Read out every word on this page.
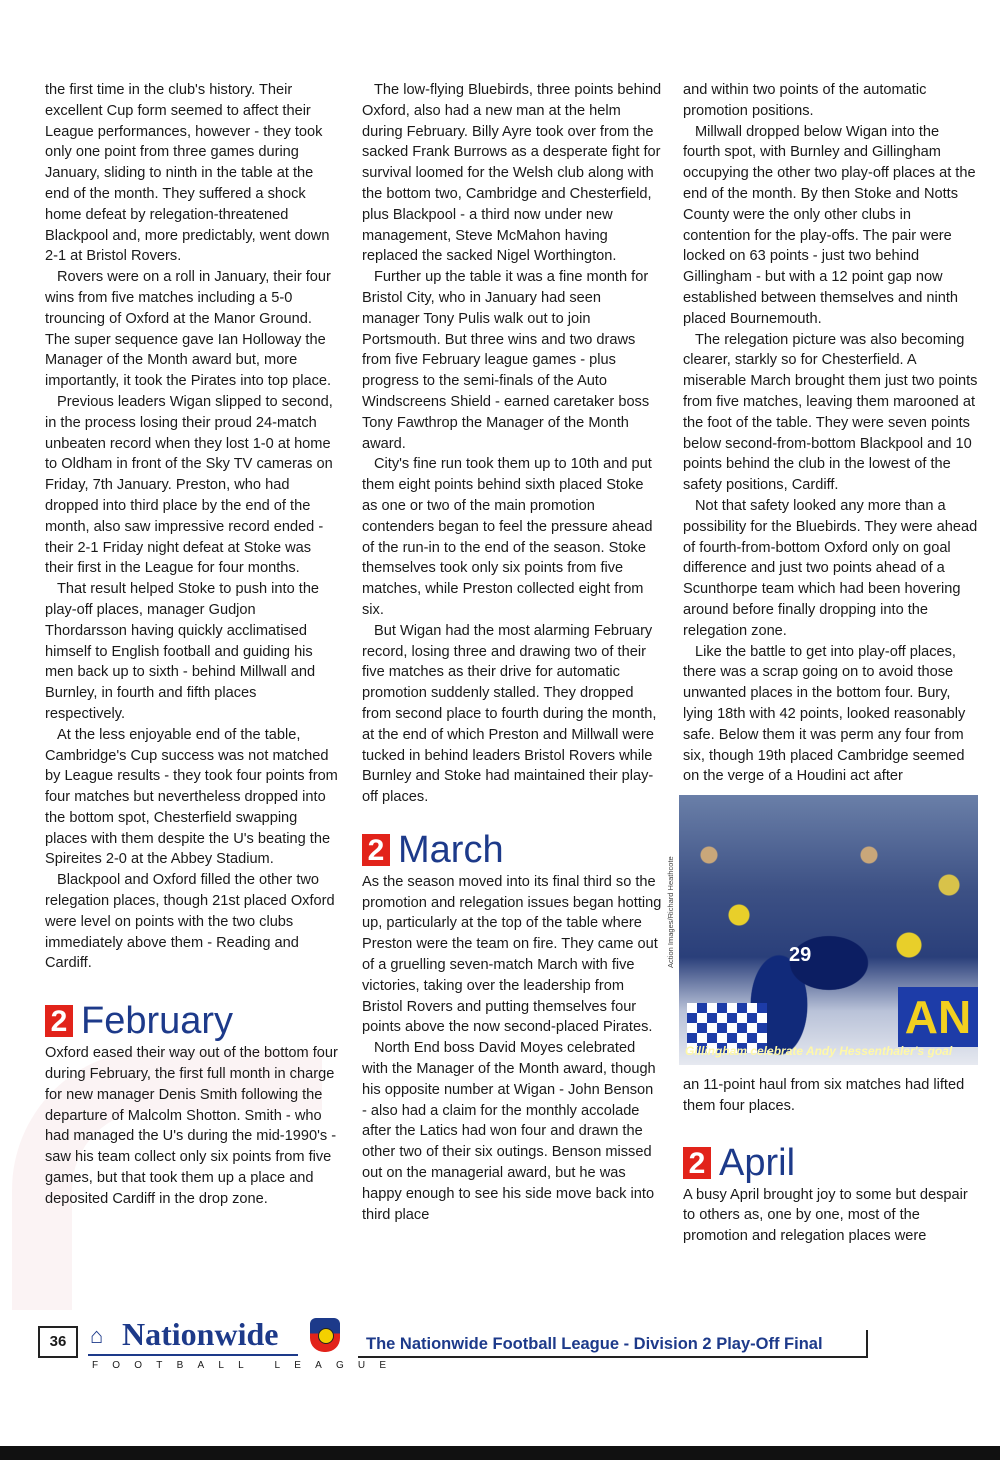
the first time in the club's history. Their excellent Cup form seemed to affect their League performances, however - they took only one point from three games during January, sliding to ninth in the table at the end of the month. They suffered a shock home defeat by relegation-threatened Blackpool and, more predictably, went down 2-1 at Bristol Rovers.

Rovers were on a roll in January, their four wins from five matches including a 5-0 trouncing of Oxford at the Manor Ground. The super sequence gave Ian Holloway the Manager of the Month award but, more importantly, it took the Pirates into top place.

Previous leaders Wigan slipped to second, in the process losing their proud 24-match unbeaten record when they lost 1-0 at home to Oldham in front of the Sky TV cameras on Friday, 7th January. Preston, who had dropped into third place by the end of the month, also saw impressive record ended - their 2-1 Friday night defeat at Stoke was their first in the League for four months.

That result helped Stoke to push into the play-off places, manager Gudjon Thordarsson having quickly acclimatised himself to English football and guiding his men back up to sixth - behind Millwall and Burnley, in fourth and fifth places respectively.

At the less enjoyable end of the table, Cambridge's Cup success was not matched by League results - they took four points from four matches but nevertheless dropped into the bottom spot, Chesterfield swapping places with them despite the U's beating the Spireites 2-0 at the Abbey Stadium.

Blackpool and Oxford filled the other two relegation places, though 21st placed Oxford were level on points with the two clubs immediately above them - Reading and Cardiff.

2 February

Oxford eased their way out of the bottom four during February, the first full month in charge for new manager Denis Smith following the departure of Malcolm Shotton. Smith - who had managed the U's during the mid-1990's - saw his team collect only six points from five games, but that took them up a place and deposited Cardiff in the drop zone.

The low-flying Bluebirds, three points behind Oxford, also had a new man at the helm during February. Billy Ayre took over from the sacked Frank Burrows as a desperate fight for survival loomed for the Welsh club along with the bottom two, Cambridge and Chesterfield, plus Blackpool - a third now under new management, Steve McMahon having replaced the sacked Nigel Worthington.

Further up the table it was a fine month for Bristol City, who in January had seen manager Tony Pulis walk out to join Portsmouth. But three wins and two draws from five February league games - plus progress to the semi-finals of the Auto Windscreens Shield - earned caretaker boss Tony Fawthrop the Manager of the Month award.

City's fine run took them up to 10th and put them eight points behind sixth placed Stoke as one or two of the main promotion contenders began to feel the pressure ahead of the run-in to the end of the season. Stoke themselves took only six points from five matches, while Preston collected eight from six.

But Wigan had the most alarming February record, losing three and drawing two of their five matches as their drive for automatic promotion suddenly stalled. They dropped from second place to fourth during the month, at the end of which Preston and Millwall were tucked in behind leaders Bristol Rovers while Burnley and Stoke had maintained their play-off places.

2 March

As the season moved into its final third so the promotion and relegation issues began hotting up, particularly at the top of the table where Preston were the team on fire. They came out of a gruelling seven-match March with five victories, taking over the leadership from Bristol Rovers and putting themselves four points above the now second-placed Pirates.

North End boss David Moyes celebrated with the Manager of the Month award, though his opposite number at Wigan - John Benson - also had a claim for the monthly accolade after the Latics had won four and drawn the other two of their six outings. Benson missed out on the managerial award, but he was happy enough to see his side move back into third place

and within two points of the automatic promotion positions.

Millwall dropped below Wigan into the fourth spot, with Burnley and Gillingham occupying the other two play-off places at the end of the month. By then Stoke and Notts County were the only other clubs in contention for the play-offs. The pair were locked on 63 points - just two behind Gillingham - but with a 12 point gap now established between themselves and ninth placed Bournemouth.

The relegation picture was also becoming clearer, starkly so for Chesterfield. A miserable March brought them just two points from five matches, leaving them marooned at the foot of the table. They were seven points below second-from-bottom Blackpool and 10 points behind the club in the lowest of the safety positions, Cardiff.

Not that safety looked any more than a possibility for the Bluebirds. They were ahead of fourth-from-bottom Oxford only on goal difference and just two points ahead of a Scunthorpe team which had been hovering around before finally dropping into the relegation zone.

Like the battle to get into play-off places, there was a scrap going on to avoid those unwanted places in the bottom four. Bury, lying 18th with 42 points, looked reasonably safe. Below them it was perm any four from six, though 19th placed Cambridge seemed on the verge of a Houdini act after

AN
29
Gillingham celebrate Andy Hessenthaler's goal

an 11-point haul from six matches had lifted them four places.

2 April

A busy April brought joy to some but despair to others as, one by one, most of the promotion and relegation places were

Action Images/Richard Heathcote
36	⌂ Nationwide
FOOTBALL LEAGUE
The Nationwide Football League - Division 2 Play-Off Final
